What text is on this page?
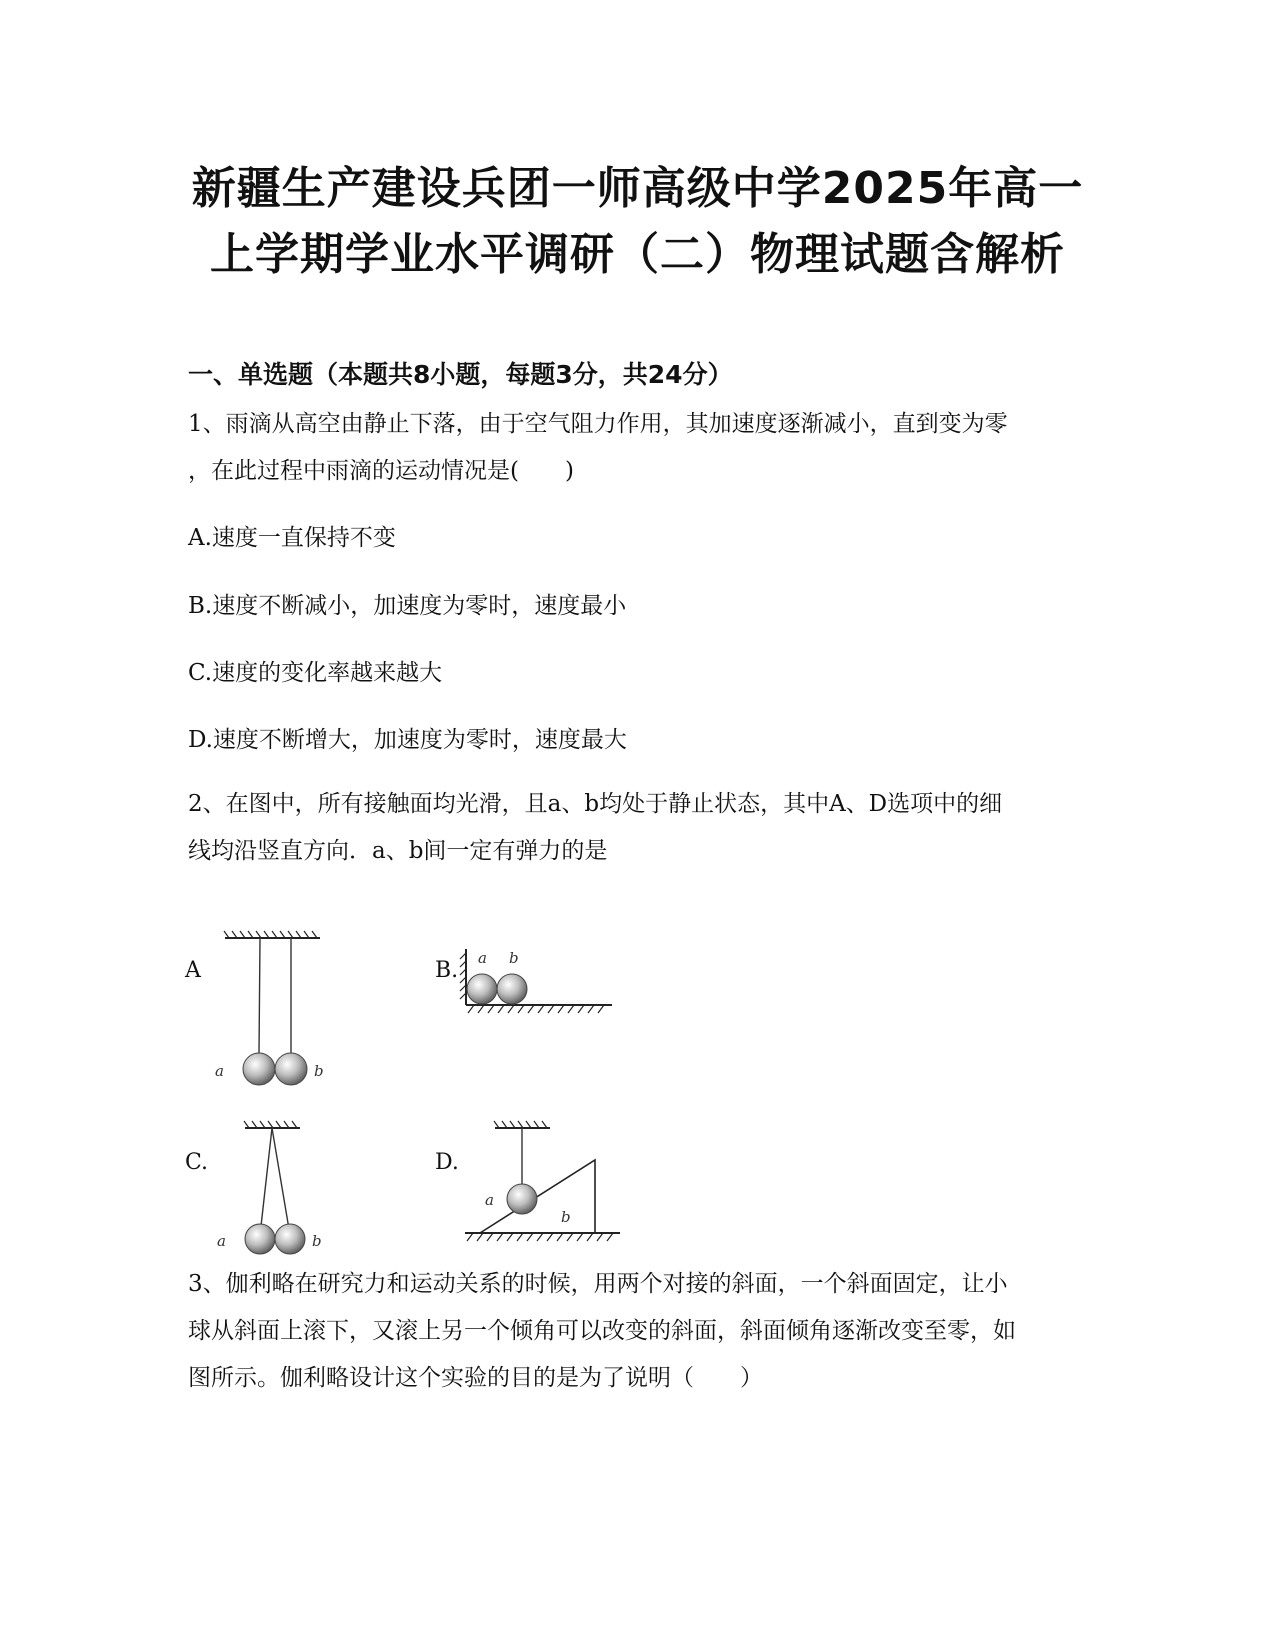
新疆生产建设兵团一师高级中学2025年高一
上学期学业水平调研（二）物理试题含解析
一、单选题（本题共8小题，每题3分，共24分）

1、雨滴从高空由静止下落，由于空气阻力作用，其加速度逐渐减小，直到变为零

，在此过程中雨滴的运动情况是(　　)

A.速度一直保持不变

B.速度不断减小，加速度为零时，速度最小

C.速度的变化率越来越大

D.速度不断增大，加速度为零时，速度最大

2、在图中，所有接触面均光滑，且a、b均处于静止状态，其中A、D选项中的细

线均沿竖直方向．a、b间一定有弹力的是

A	B.
C.	D.
a	b
a b
a	b
a
b

3、伽利略在研究力和运动关系的时候，用两个对接的斜面，一个斜面固定，让小

球从斜面上滚下，又滚上另一个倾角可以改变的斜面，斜面倾角逐渐改变至零，如

图所示。伽利略设计这个实验的目的是为了说明（　　）
